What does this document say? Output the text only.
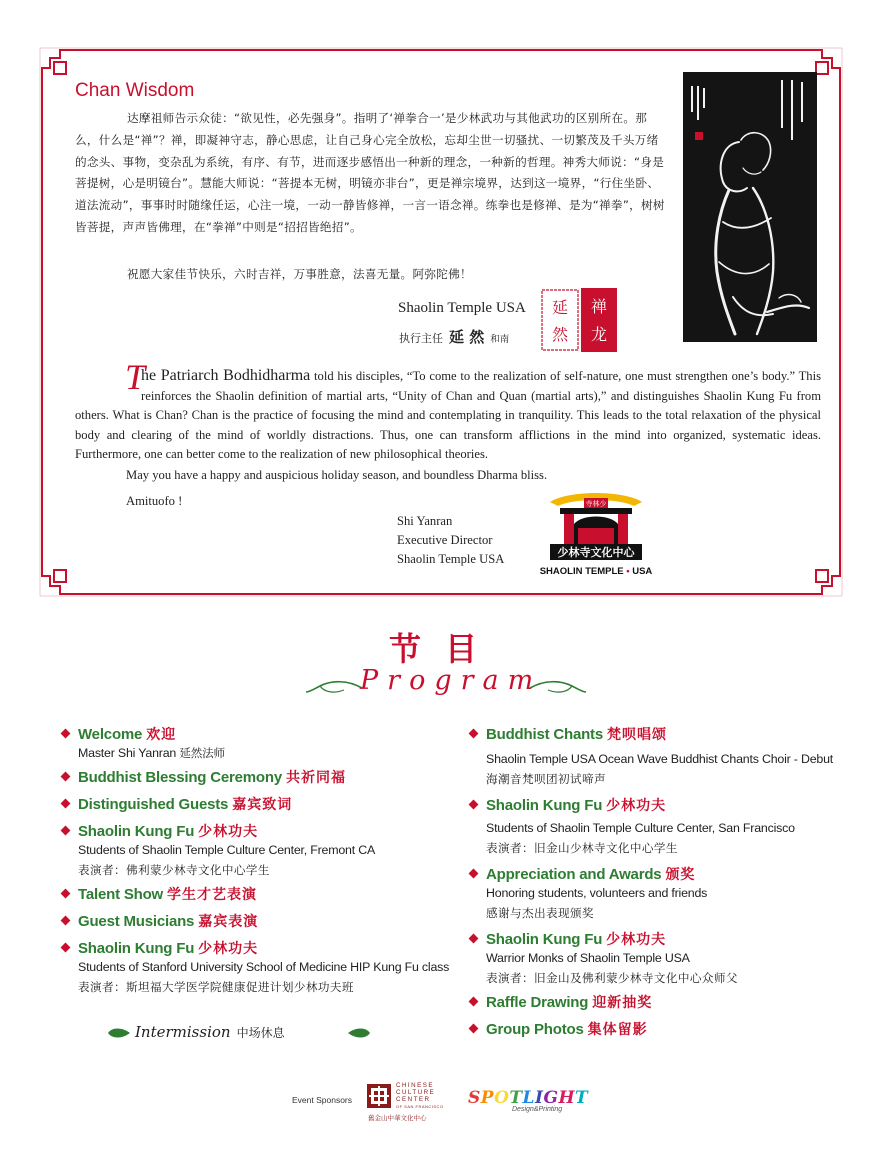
Chan Wisdom
达摩祖师告示众徒：“欲见性，必先强身”。指明了‘禅拳合一’是少林武功与其他武功的区别所在。那么，什么是“禅”？禅，即凝神守志，静心思虑，让自己身心完全放松，忘却尘世一切骚扰、一切繁茂及千头万绪的念头、事物，变杂乱为系统，有序、有节，进而逐步感悟出一种新的理念，一种新的哲理。神秀大师说：“身是菩提树，心是明镜台”。慧能大师说：“菩提本无树，明镜亦非台”，更是禅宗境界，达到这一境界，“行住坐卧、道法流动”，事事时时随缘任运，心注一境，一动一静皆修禅，一言一语念禅。练拳也是修禅、是为“禅拳”，树树皆菩提，声声皆佛理，在“拳禅”中则是“招招皆绝招”。
祝愿大家佳节快乐，六时吉祥，万事胜意，法喜无量。阿弥陀佛！
Shaolin Temple USA
执行主任 延 然 和南
延
然
禅
龙
T
he Patriarch Bodhidharma told his disciples, “To come to the realization of self-nature, one must strengthen one’s body.” This reinforces the Shaolin definition of martial arts, “Unity of Chan and Quan (martial arts),” and distinguishes Shaolin Kung Fu from others. What is Chan? Chan is the practice of focusing the mind and contemplating in tranquility. This leads to the total relaxation of the physical body and clearing of the mind of worldly distractions. Thus, one can transform afflictions in the mind into organized, systematic ideas. Furthermore, one can better come to the realization of new philosophical theories.
May you have a happy and auspicious holiday season, and boundless Dharma bliss.
Amituofo !
Shi Yanran
Executive Director
Shaolin Temple USA
寺林少
少林寺文化中心
SHAOLIN TEMPLE • USA
节目
Program
Welcome 欢迎
Master Shi Yanran 延然法师
Buddhist Blessing Ceremony 共祈同福
Distinguished Guests 嘉宾致词
Shaolin Kung Fu 少林功夫
Students of Shaolin Temple Culture Center, Fremont CA
表演者：佛利蒙少林寺文化中心学生
Talent Show 学生才艺表演
Guest Musicians 嘉宾表演
Shaolin Kung Fu 少林功夫
Students of Stanford University School of Medicine HIP Kung Fu class
表演者：斯坦福大学医学院健康促进计划少林功夫班
Intermission 中场休息
Buddhist Chants 梵呗唱颂
Shaolin Temple USA Ocean Wave Buddhist Chants Choir - Debut
海潮音梵呗团初试啼声
Shaolin Kung Fu 少林功夫
Students of Shaolin Temple Culture Center, San Francisco
表演者：旧金山少林寺文化中心学生
Appreciation and Awards 颁奖
Honoring students, volunteers and friends
感谢与杰出表现颁奖
Shaolin Kung Fu 少林功夫
Warrior Monks of Shaolin Temple USA
表演者：旧金山及佛利蒙少林寺文化中心众师父
Raffle Drawing 迎新抽奖
Group Photos 集体留影
Event Sponsors
CHINESE
CULTURE
CENTER
OF SAN FRANCISCO
舊金山中華文化中心
SPOTLIGHT
Design&Printing
